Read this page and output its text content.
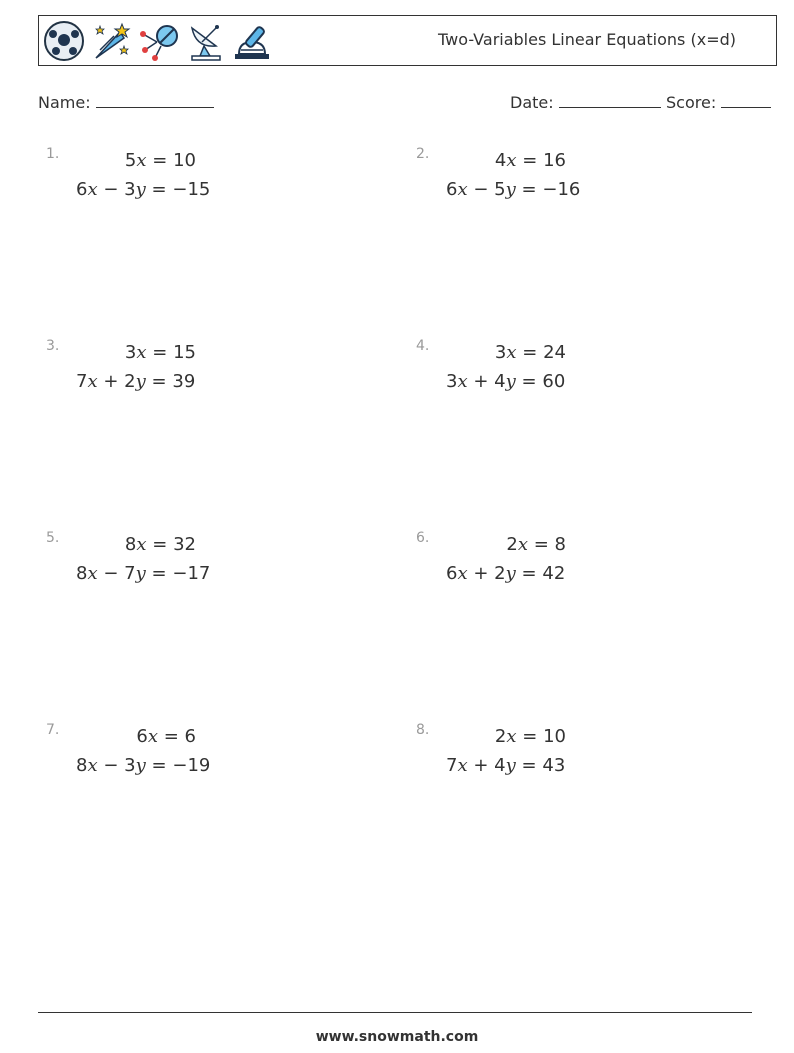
Two-Variables Linear Equations (x=d)
Name:	Date:	Score:
1.	5x = 10
6x − 3y = −15
2.	4x = 16
6x − 5y = −16
3.	3x = 15
7x + 2y = 39
4.	3x = 24
3x + 4y = 60
5.	8x = 32
8x − 7y = −17
6.	2x = 8
6x + 2y = 42
7.	6x = 6
8x − 3y = −19
8.	2x = 10
7x + 4y = 43
www.snowmath.com
